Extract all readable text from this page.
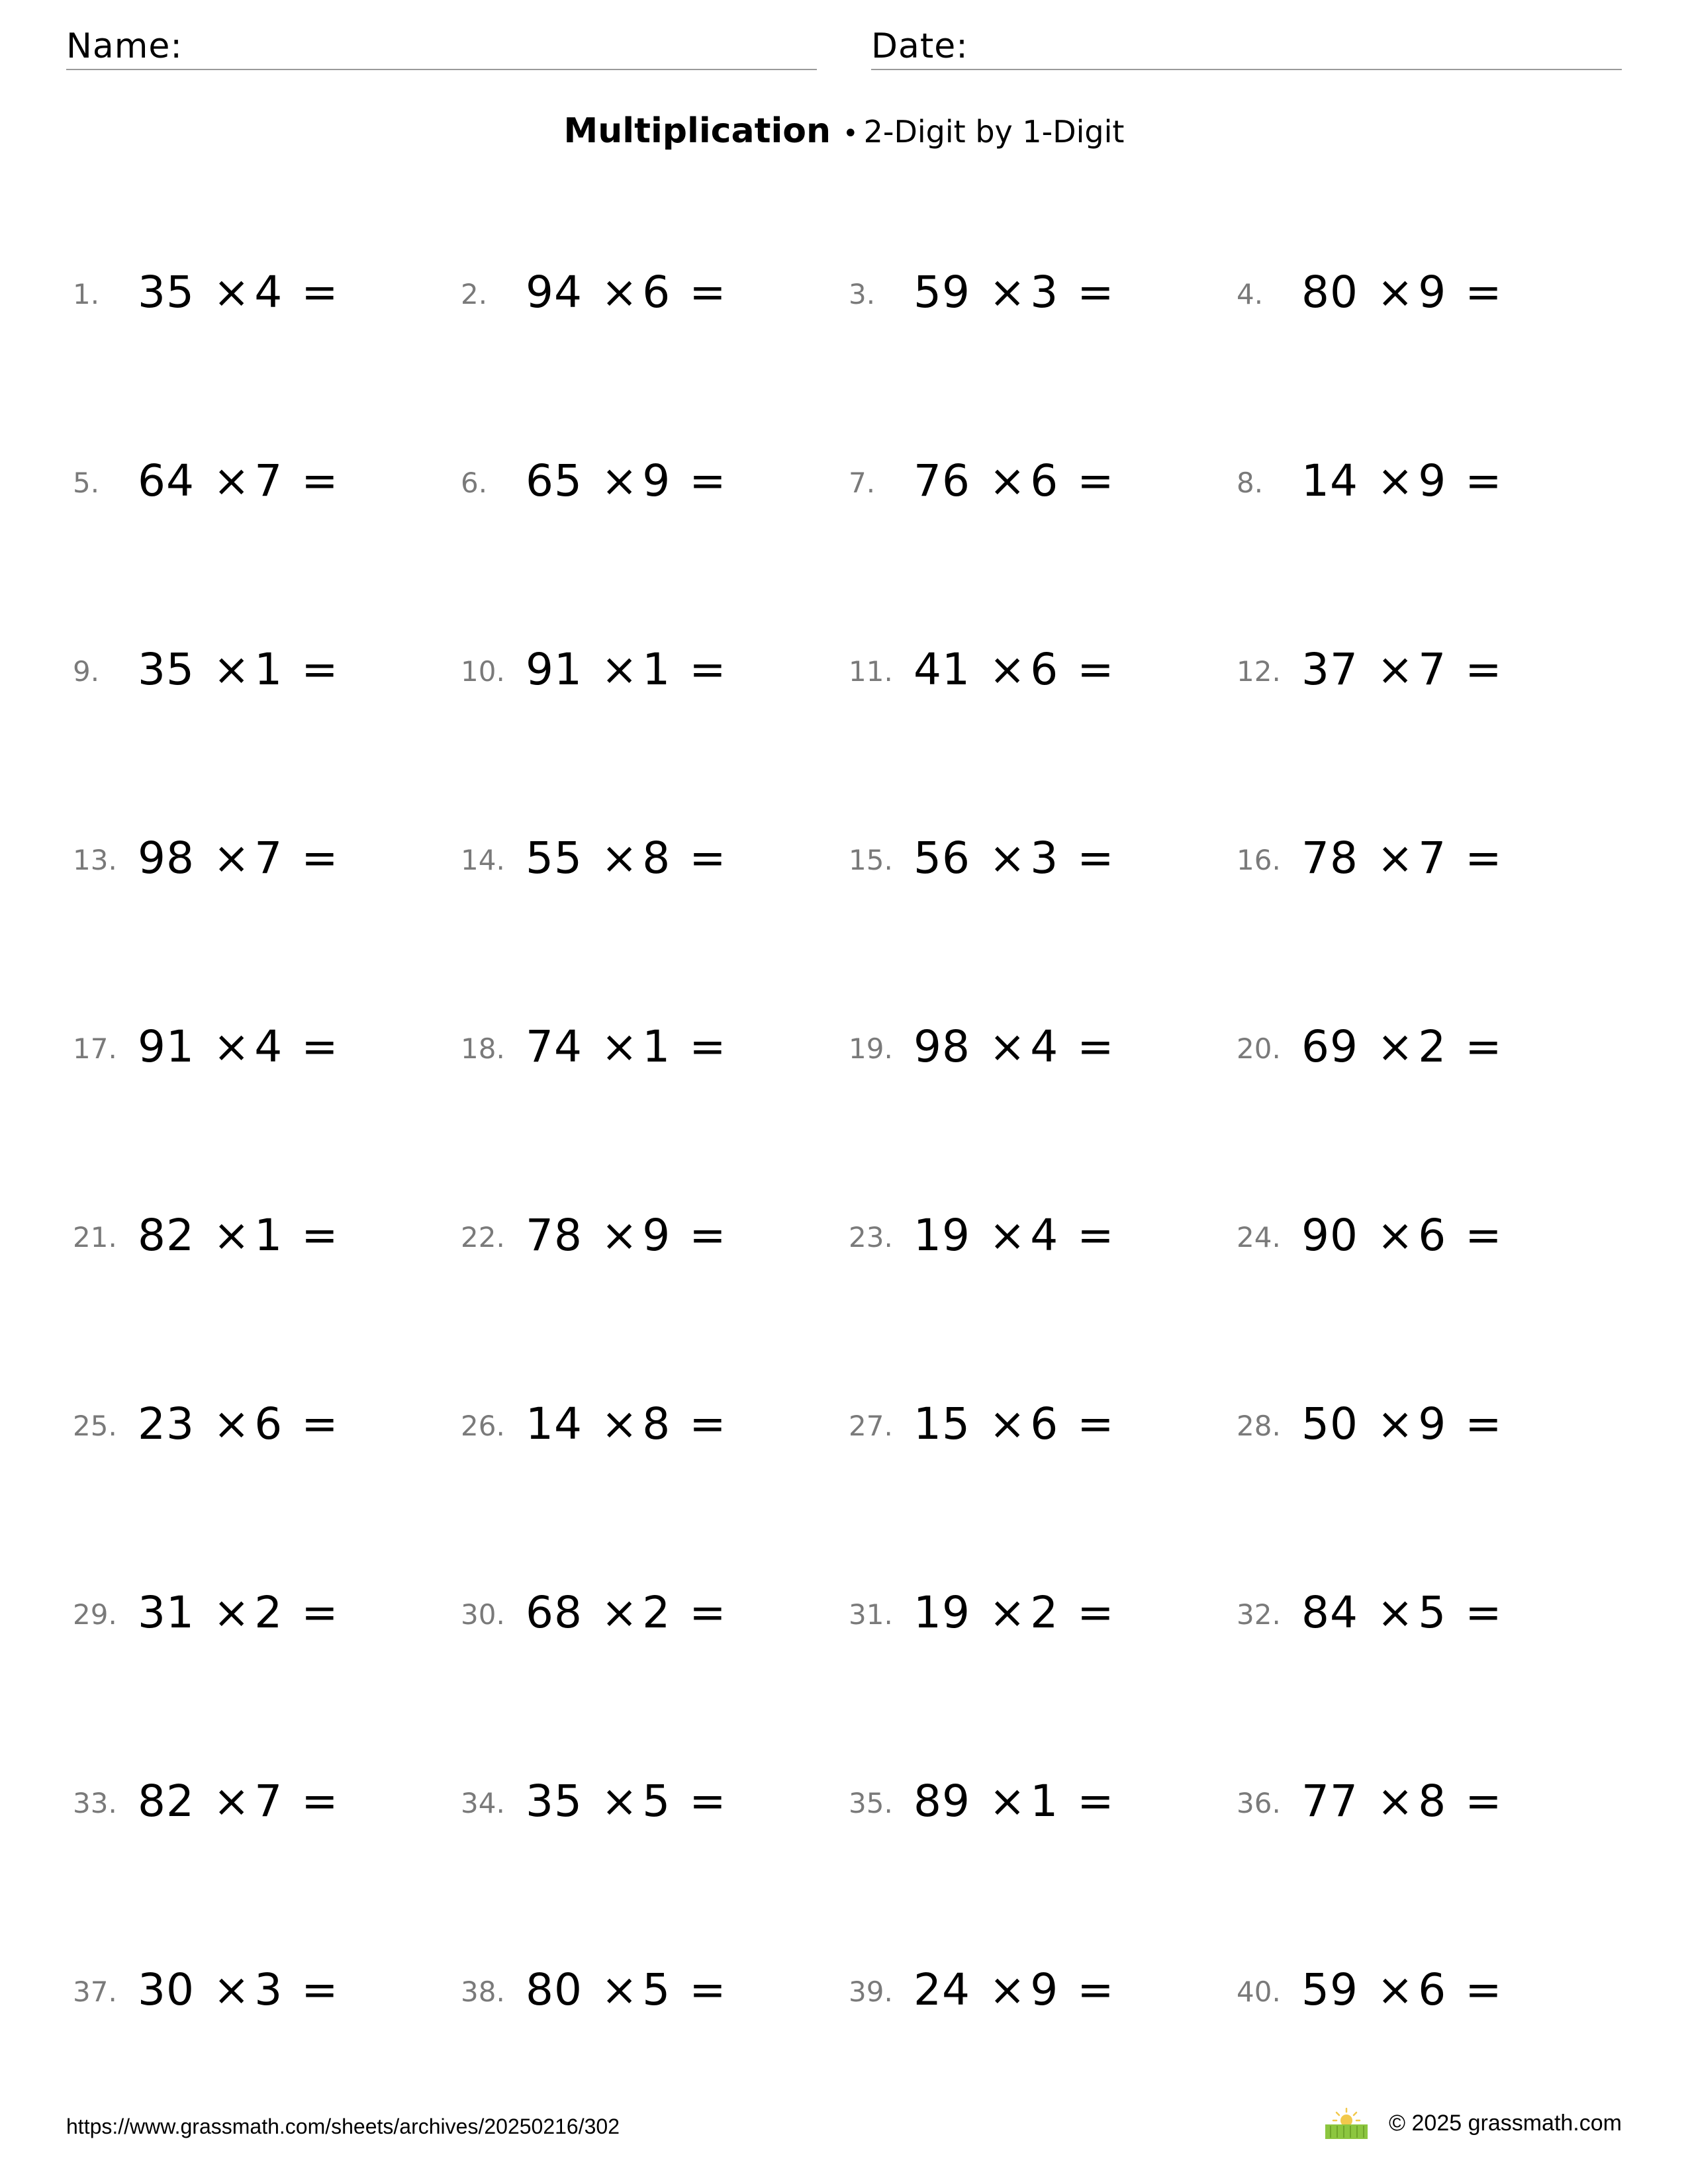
Name:	Date:
Multiplication • 2-Digit by 1-Digit
1. 35 ×4 =	2. 94 ×6 =	3. 59 ×3 =	4. 80 ×9 =
5. 64 ×7 =	6. 65 ×9 =	7. 76 ×6 =	8. 14 ×9 =
9. 35 ×1 =	10. 91 ×1 =	11. 41 ×6 =	12. 37 ×7 =
13. 98 ×7 =	14. 55 ×8 =	15. 56 ×3 =	16. 78 ×7 =
17. 91 ×4 =	18. 74 ×1 =	19. 98 ×4 =	20. 69 ×2 =
21. 82 ×1 =	22. 78 ×9 =	23. 19 ×4 =	24. 90 ×6 =
25. 23 ×6 =	26. 14 ×8 =	27. 15 ×6 =	28. 50 ×9 =
29. 31 ×2 =	30. 68 ×2 =	31. 19 ×2 =	32. 84 ×5 =
33. 82 ×7 =	34. 35 ×5 =	35. 89 ×1 =	36. 77 ×8 =
37. 30 ×3 =	38. 80 ×5 =	39. 24 ×9 =	40. 59 ×6 =
https://www.grassmath.com/sheets/archives/20250216/302	© 2025 grassmath.com
